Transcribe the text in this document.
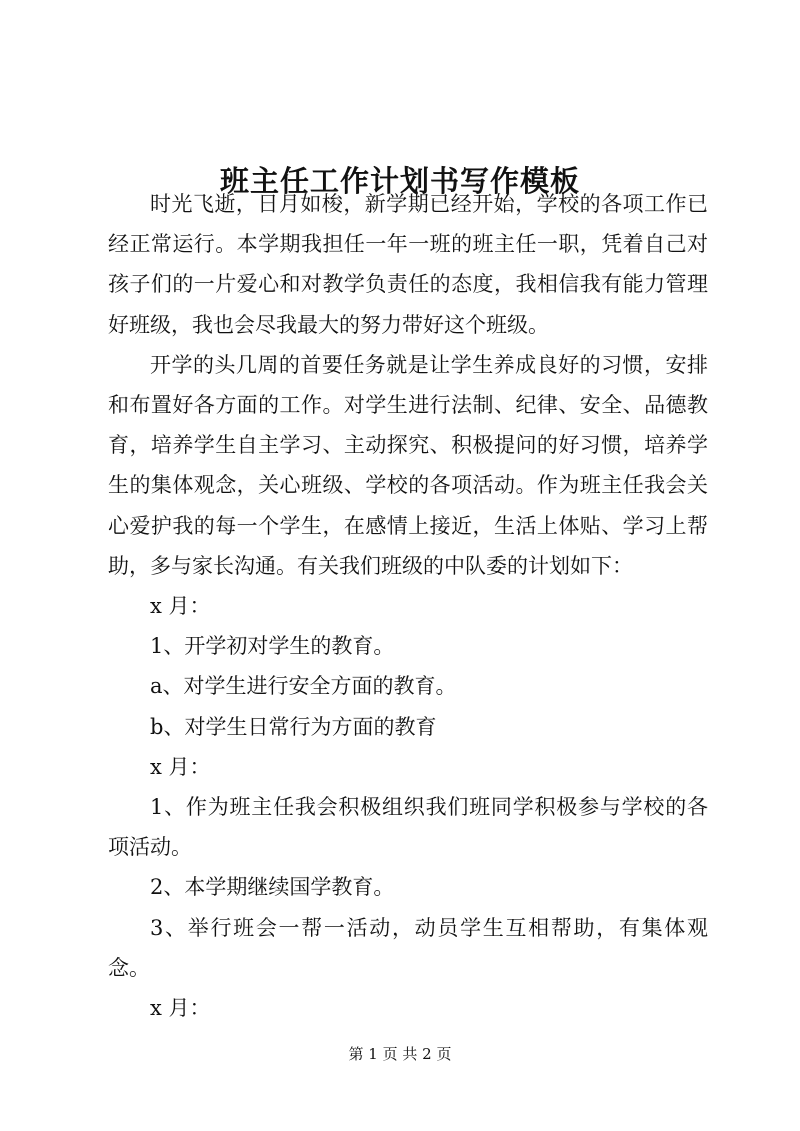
班主任工作计划书写作模板

时光飞逝，日月如梭，新学期已经开始，学校的各项工作已经正常运行。本学期我担任一年一班的班主任一职，凭着自己对孩子们的一片爱心和对教学负责任的态度，我相信我有能力管理好班级，我也会尽我最大的努力带好这个班级。

开学的头几周的首要任务就是让学生养成良好的习惯，安排和布置好各方面的工作。对学生进行法制、纪律、安全、品德教育，培养学生自主学习、主动探究、积极提问的好习惯，培养学生的集体观念，关心班级、学校的各项活动。作为班主任我会关心爱护我的每一个学生，在感情上接近，生活上体贴、学习上帮助，多与家长沟通。有关我们班级的中队委的计划如下：

x 月：

1、开学初对学生的教育。

a、对学生进行安全方面的教育。

b、对学生日常行为方面的教育

x 月：

1、作为班主任我会积极组织我们班同学积极参与学校的各项活动。

2、本学期继续国学教育。

3、举行班会一帮一活动，动员学生互相帮助，有集体观念。

x 月：

第 1 页 共 2 页
